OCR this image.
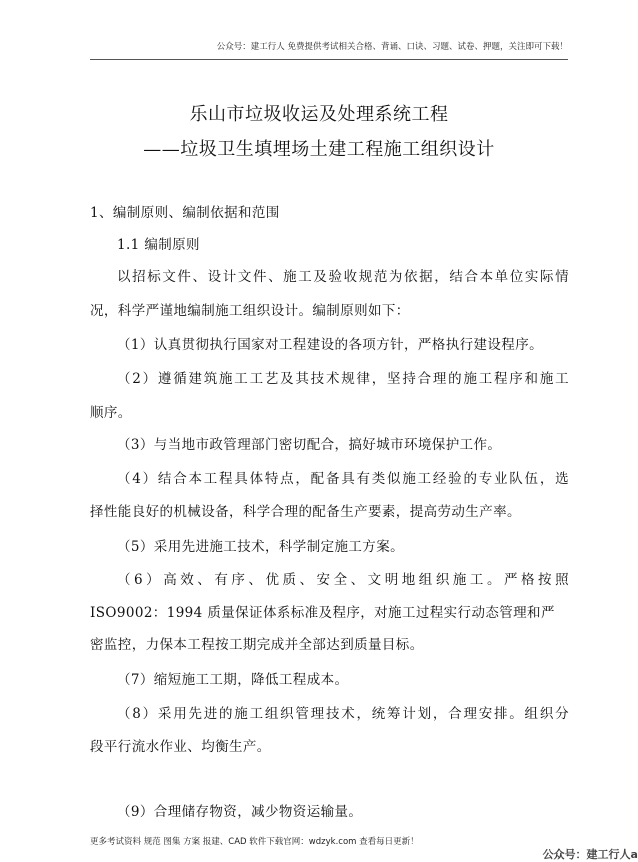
公众号：建工行人 免费提供考试相关合格、背诵、口诀、习题、试卷、押题，关注即可下载！
乐山市垃圾收运及处理系统工程
——垃圾卫生填埋场土建工程施工组织设计
1、编制原则、编制依据和范围
1.1 编制原则
以招标文件、设计文件、施工及验收规范为依据，结合本单位实际情
况，科学严谨地编制施工组织设计。编制原则如下：
（1）认真贯彻执行国家对工程建设的各项方针，严格执行建设程序。
（2）遵循建筑施工工艺及其技术规律，坚持合理的施工程序和施工
顺序。
（3）与当地市政管理部门密切配合，搞好城市环境保护工作。
（4）结合本工程具体特点，配备具有类似施工经验的专业队伍，选
择性能良好的机械设备，科学合理的配备生产要素，提高劳动生产率。
（5）采用先进施工技术，科学制定施工方案。
（6）高效、有序、优质、安全、文明地组织施工。严格按照
ISO9002：1994 质量保证体系标准及程序，对施工过程实行动态管理和严
密监控，力保本工程按工期完成并全部达到质量目标。
（7）缩短施工工期，降低工程成本。
（8）采用先进的施工组织管理技术，统筹计划，合理安排。组织分
段平行流水作业、均衡生产。
（9）合理储存物资，减少物资运输量。
更多考试资料 规范 图集 方案 报建、CAD 软件下载官网：wdzyk.com 查看每日更新！
公众号：建工行人a
